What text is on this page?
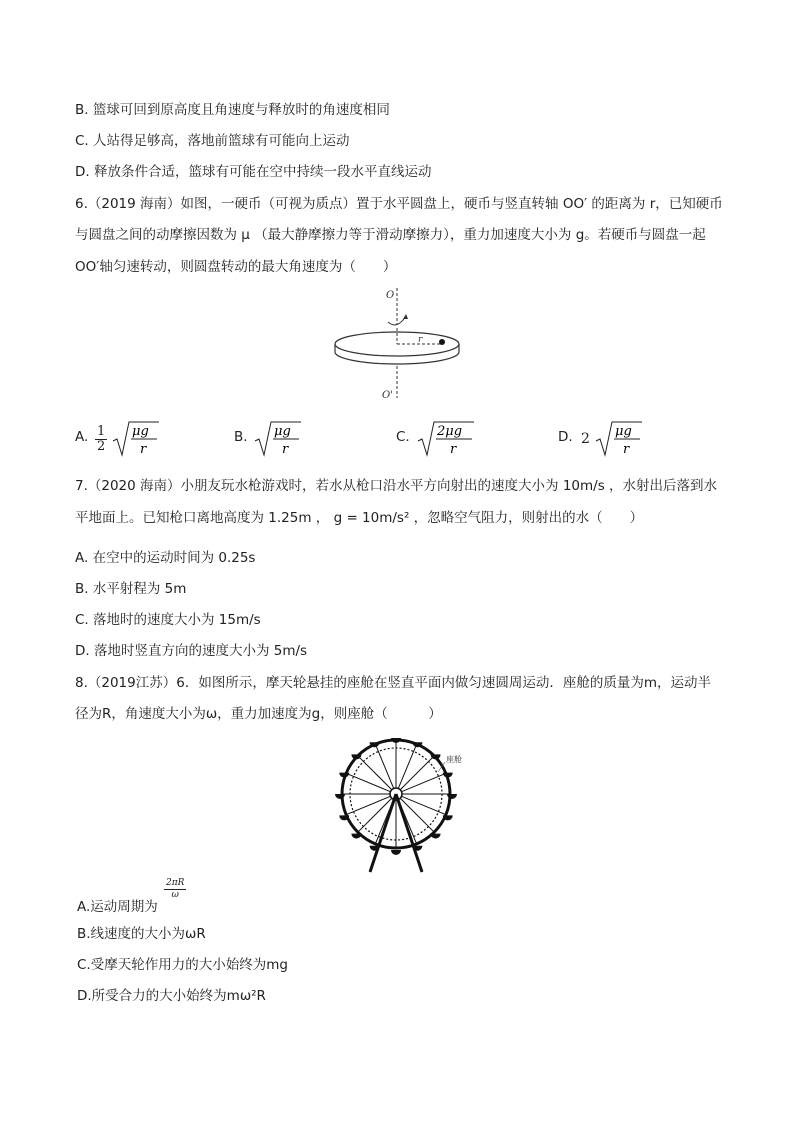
B. 篮球可回到原高度且角速度与释放时的角速度相同
C. 人站得足够高，落地前篮球有可能向上运动
D. 释放条件合适，篮球有可能在空中持续一段水平直线运动
6.（2019 海南）如图，一硬币（可视为质点）置于水平圆盘上，硬币与竖直转轴 OO′ 的距离为 r，已知硬币
与圆盘之间的动摩擦因数为 μ （最大静摩擦力等于滑动摩擦力），重力加速度大小为 g。若硬币与圆盘一起
OO′轴匀速转动，则圆盘转动的最大角速度为（　　）
O
O'
r
A. $\frac{1}{2}$
μg
r
B. μg
r
C. 2μg
r
D. 2 μg
r
7.（2020 海南）小朋友玩水枪游戏时，若水从枪口沿水平方向射出的速度大小为 10m/s ，水射出后落到水
平地面上。已知枪口离地高度为 1.25m ， g = 10m/s² ，忽略空气阻力，则射出的水（　　）
A. 在空中的运动时间为 0.25s
B. 水平射程为 5m
C. 落地时的速度大小为 15m/s
D. 落地时竖直方向的速度大小为 5m/s
8.（2019江苏）6．如图所示，摩天轮悬挂的座舱在竖直平面内做匀速圆周运动．座舱的质量为m，运动半
径为R，角速度大小为ω，重力加速度为g，则座舱（　　　）
座舱
A.运动周期为
$\frac{2\pi R}{\omega}$
B.线速度的大小为ωR
C.受摩天轮作用力的大小始终为mg
D.所受合力的大小始终为mω²R
